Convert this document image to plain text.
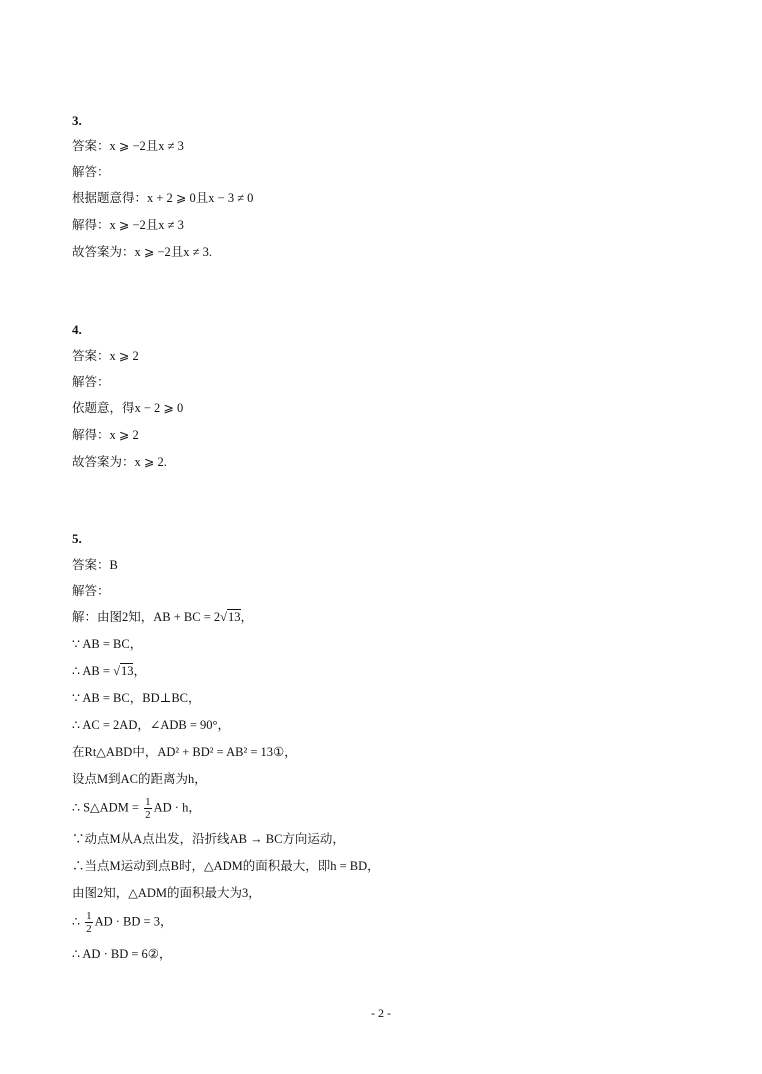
3.
答案：x ⩾ −2且x ≠ 3
解答：
根据题意得：x + 2 ⩾ 0且x − 3 ≠ 0
解得：x ⩾ −2且x ≠ 3
故答案为：x ⩾ −2且x ≠ 3.
4.
答案：x ⩾ 2
解答：
依题意，得x − 2 ⩾ 0
解得：x ⩾ 2
故答案为：x ⩾ 2.
5.
答案：B
解答：
解：由图2知，AB + BC = 2√13，
∵ AB = BC，
∴ AB = √13，
∵ AB = BC，BD⊥BC，
∴ AC = 2AD，∠ADB = 90°，
在Rt△ABD中，AD² + BD² = AB² = 13①，
设点M到AC的距离为h，
∴ S△ADM = $\frac{1}{2}$ AD · h，
∵动点M从A点出发，沿折线AB → BC方向运动，
∴当点M运动到点B时，△ADM的面积最大，即h = BD，
由图2知，△ADM的面积最大为3，
∴ $\frac{1}{2}$ AD · BD = 3，
∴ AD · BD = 6②，
- 2 -
